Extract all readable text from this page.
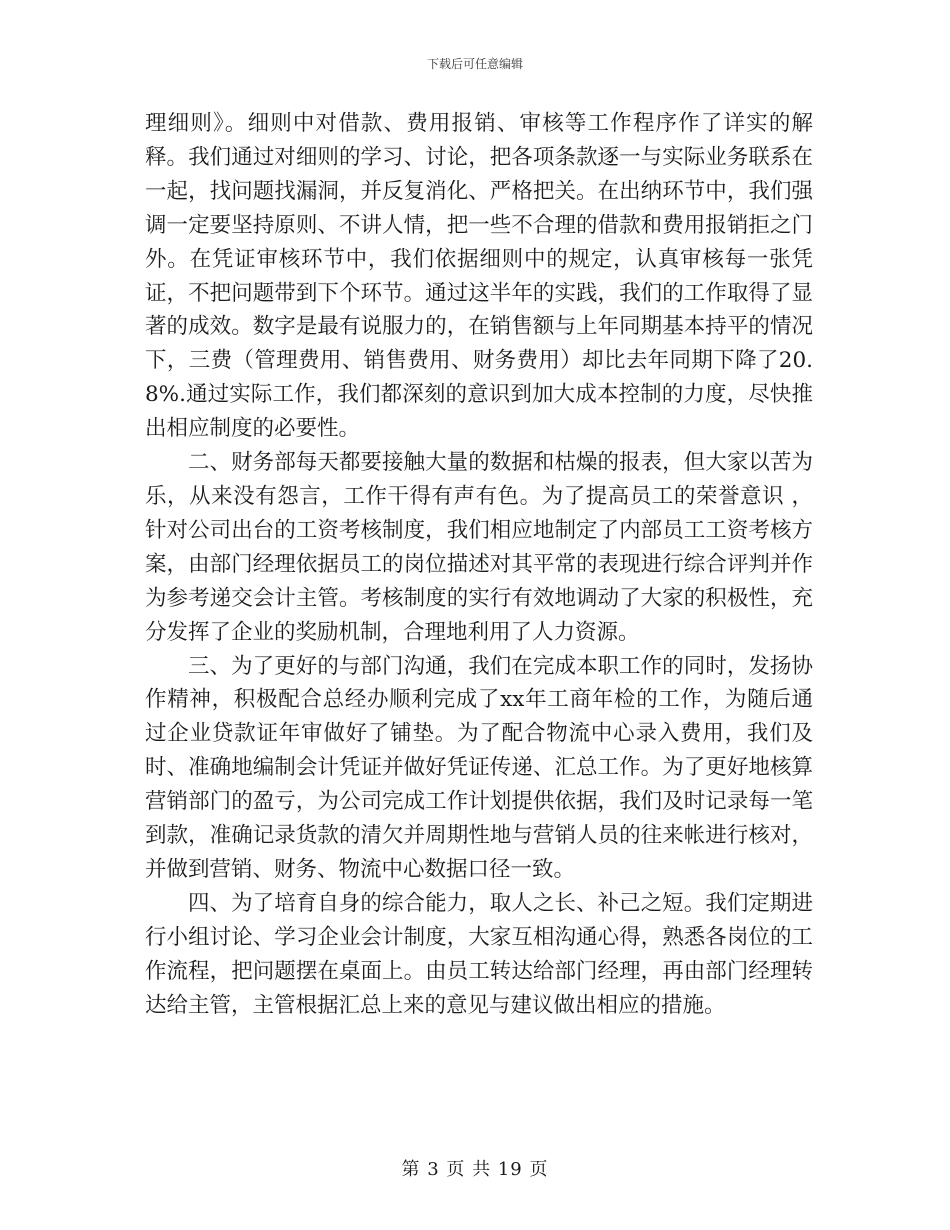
下载后可任意编辑

理细则》。细则中对借款、费用报销、审核等工作程序作了详实的解释。我们通过对细则的学习、讨论，把各项条款逐一与实际业务联系在一起，找问题找漏洞，并反复消化、严格把关。在出纳环节中，我们强调一定要坚持原则、不讲人情，把一些不合理的借款和费用报销拒之门外。在凭证审核环节中，我们依据细则中的规定，认真审核每一张凭证，不把问题带到下个环节。通过这半年的实践，我们的工作取得了显著的成效。数字是最有说服力的，在销售额与上年同期基本持平的情况下，三费（管理费用、销售费用、财务费用）却比去年同期下降了20.8%.通过实际工作，我们都深刻的意识到加大成本控制的力度，尽快推出相应制度的必要性。

二、财务部每天都要接触大量的数据和枯燥的报表，但大家以苦为乐，从来没有怨言，工作干得有声有色。为了提高员工的荣誉意识 ，针对公司出台的工资考核制度，我们相应地制定了内部员工工资考核方案，由部门经理依据员工的岗位描述对其平常的表现进行综合评判并作为参考递交会计主管。考核制度的实行有效地调动了大家的积极性，充分发挥了企业的奖励机制，合理地利用了人力资源。

三、为了更好的与部门沟通，我们在完成本职工作的同时，发扬协作精神，积极配合总经办顺利完成了xx年工商年检的工作，为随后通过企业贷款证年审做好了铺垫。为了配合物流中心录入费用，我们及时、准确地编制会计凭证并做好凭证传递、汇总工作。为了更好地核算营销部门的盈亏，为公司完成工作计划提供依据，我们及时记录每一笔到款，准确记录货款的清欠并周期性地与营销人员的往来帐进行核对，并做到营销、财务、物流中心数据口径一致。

四、为了培育自身的综合能力，取人之长、补己之短。我们定期进行小组讨论、学习企业会计制度，大家互相沟通心得，熟悉各岗位的工作流程，把问题摆在桌面上。由员工转达给部门经理，再由部门经理转达给主管，主管根据汇总上来的意见与建议做出相应的措施。

第 3 页 共 19 页
